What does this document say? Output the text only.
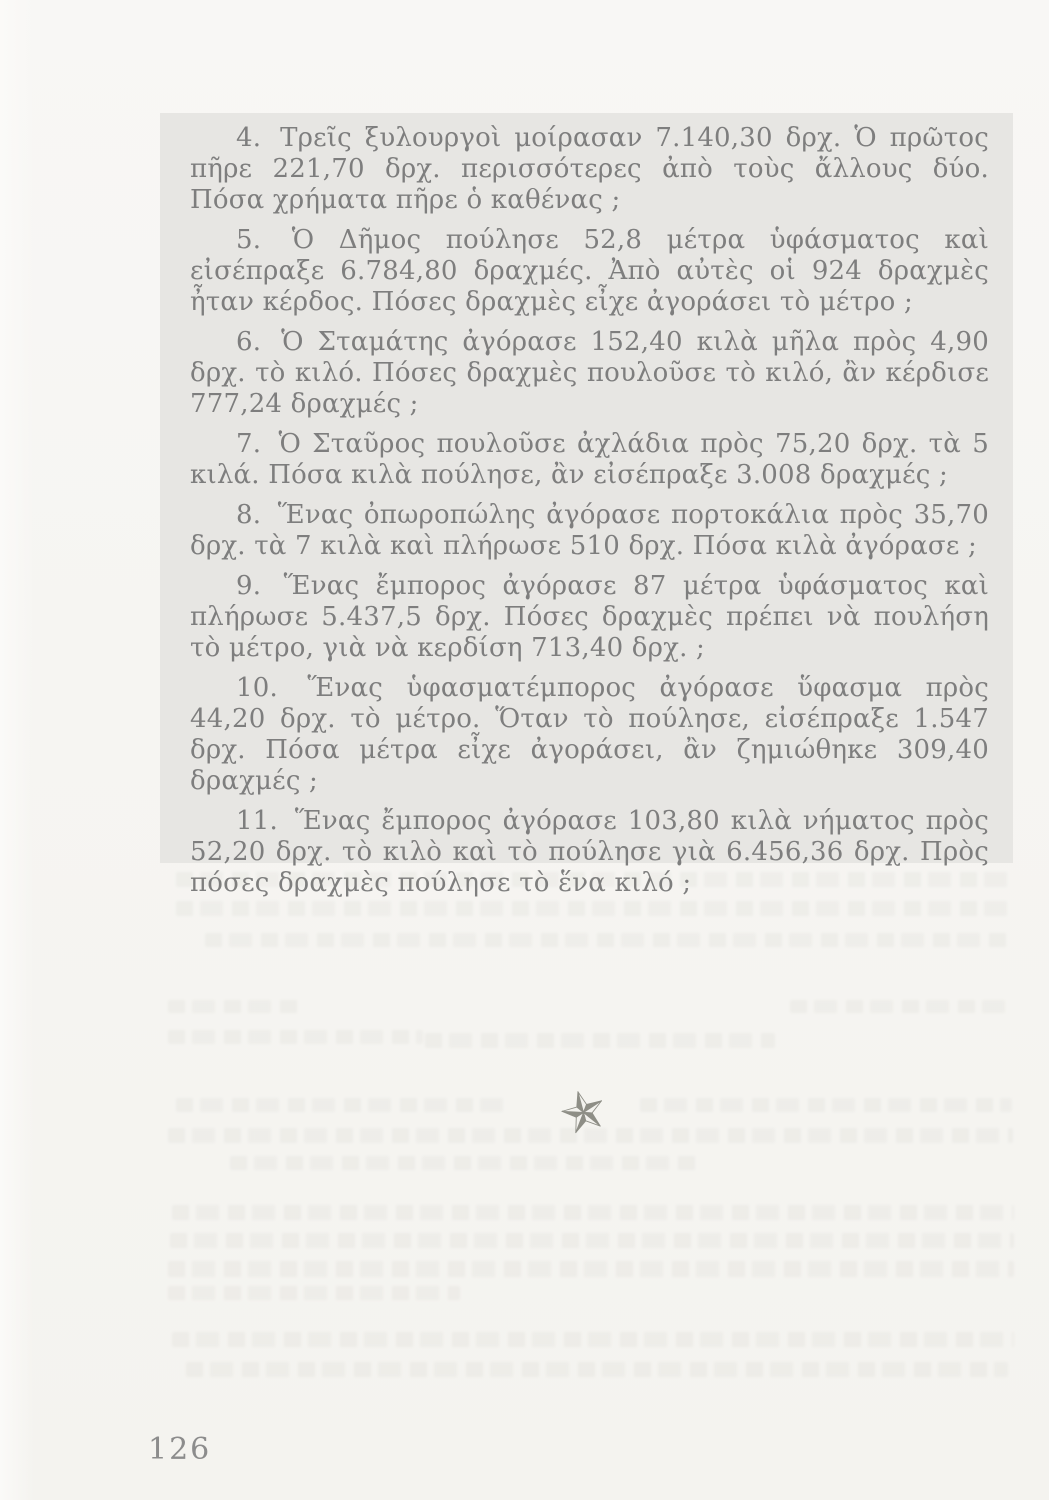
4. Τρεῖς ξυλουργοὶ μοίρασαν 7.140,30 δρχ. Ὁ πρῶτος πῆρε 221,70 δρχ. περισσότερες ἀπὸ τοὺς ἄλλους δύο. Πόσα χρήματα πῆρε ὁ καθένας ;

5. Ὁ Δῆμος πούλησε 52,8 μέτρα ὑφάσματος καὶ εἰσέπραξε 6.784,80 δραχμές. Ἀπὸ αὐτὲς οἱ 924 δραχμὲς ἦταν κέρδος. Πόσες δραχμὲς εἶχε ἀγοράσει τὸ μέτρο ;

6. Ὁ Σταμάτης ἀγόρασε 152,40 κιλὰ μῆλα πρὸς 4,90 δρχ. τὸ κιλό. Πόσες δραχμὲς πουλοῦσε τὸ κιλό, ἂν κέρδισε 777,24 δραχμές ;

7. Ὁ Σταῦρος πουλοῦσε ἀχλάδια πρὸς 75,20 δρχ. τὰ 5 κιλά. Πόσα κιλὰ πούλησε, ἂν εἰσέπραξε 3.008 δραχμές ;

8. Ἕνας ὀπωροπώλης ἀγόρασε πορτοκάλια πρὸς 35,70 δρχ. τὰ 7 κιλὰ καὶ πλήρωσε 510 δρχ. Πόσα κιλὰ ἀγόρασε ;

9. Ἕνας ἔμπορος ἀγόρασε 87 μέτρα ὑφάσματος καὶ πλήρωσε 5.437,5 δρχ. Πόσες δραχμὲς πρέπει νὰ πουλήση τὸ μέτρο, γιὰ νὰ κερδίση 713,40 δρχ. ;

10. Ἕνας ὑφασματέμπορος ἀγόρασε ὕφασμα πρὸς 44,20 δρχ. τὸ μέτρο. Ὅταν τὸ πούλησε, εἰσέπραξε 1.547 δρχ. Πόσα μέτρα εἶχε ἀγοράσει, ἂν ζημιώθηκε 309,40 δραχμές ;

11. Ἕνας ἔμπορος ἀγόρασε 103,80 κιλὰ νήματος πρὸς 52,20 δρχ. τὸ κιλὸ καὶ τὸ πούλησε γιὰ 6.456,36 δρχ. Πρὸς πόσες δραχμὲς πούλησε τὸ ἕνα κιλό ;

126
